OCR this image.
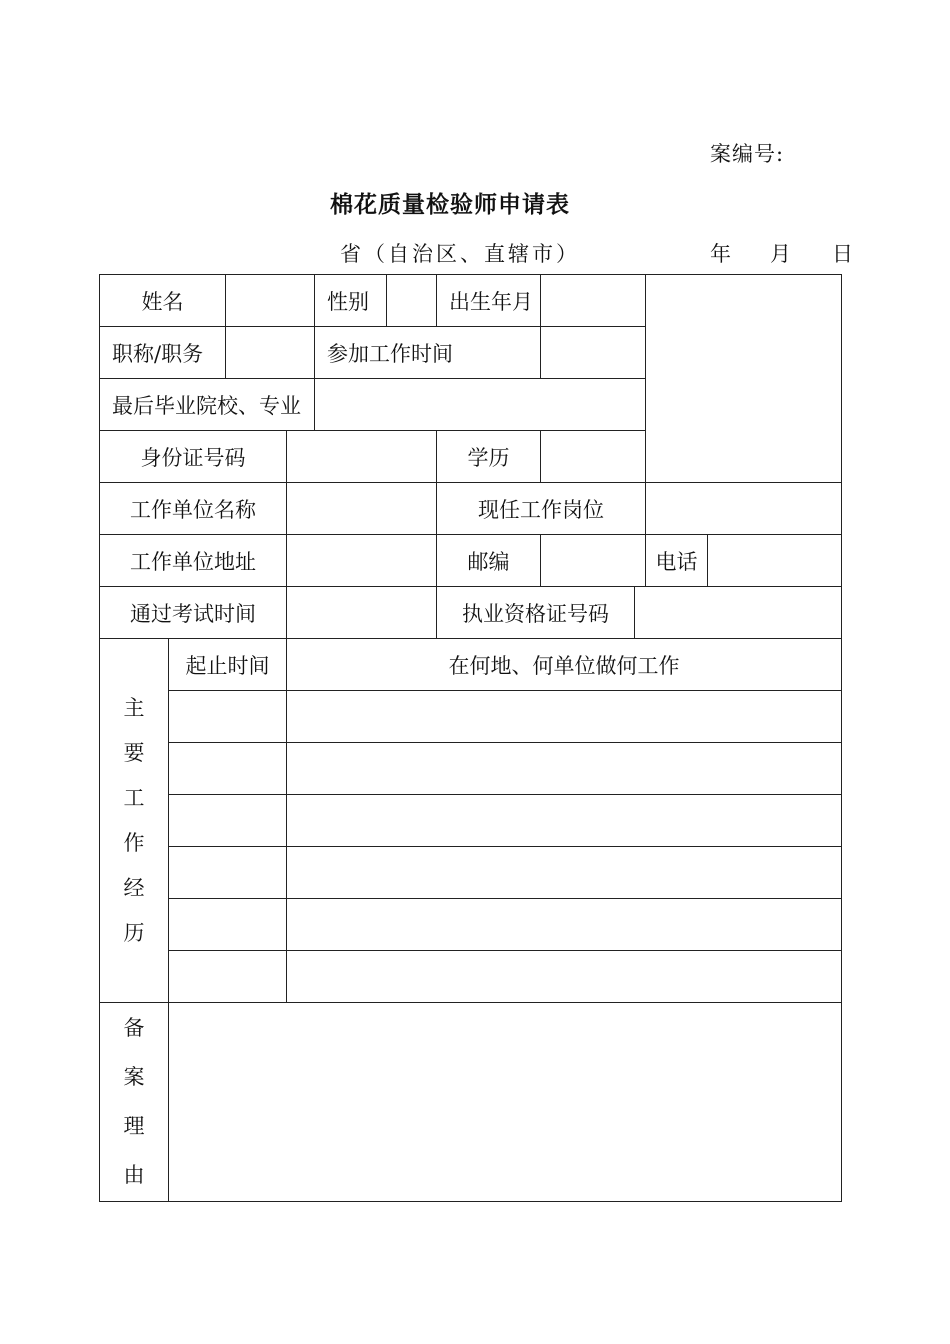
案编号:
棉花质量检验师申请表
省（自治区、直辖市）	年 月 日
姓名				性别		出生年月				
职称/职务				参加工作时间						
最后毕业院校、专业										
身份证号码						学历				
工作单位名称						现任工作岗位				
工作单位地址						邮编			电话	
通过考试时间						执业资格证号码				
主要工作经历	起止时间		在何地、何单位做何工作							

备案理由										
